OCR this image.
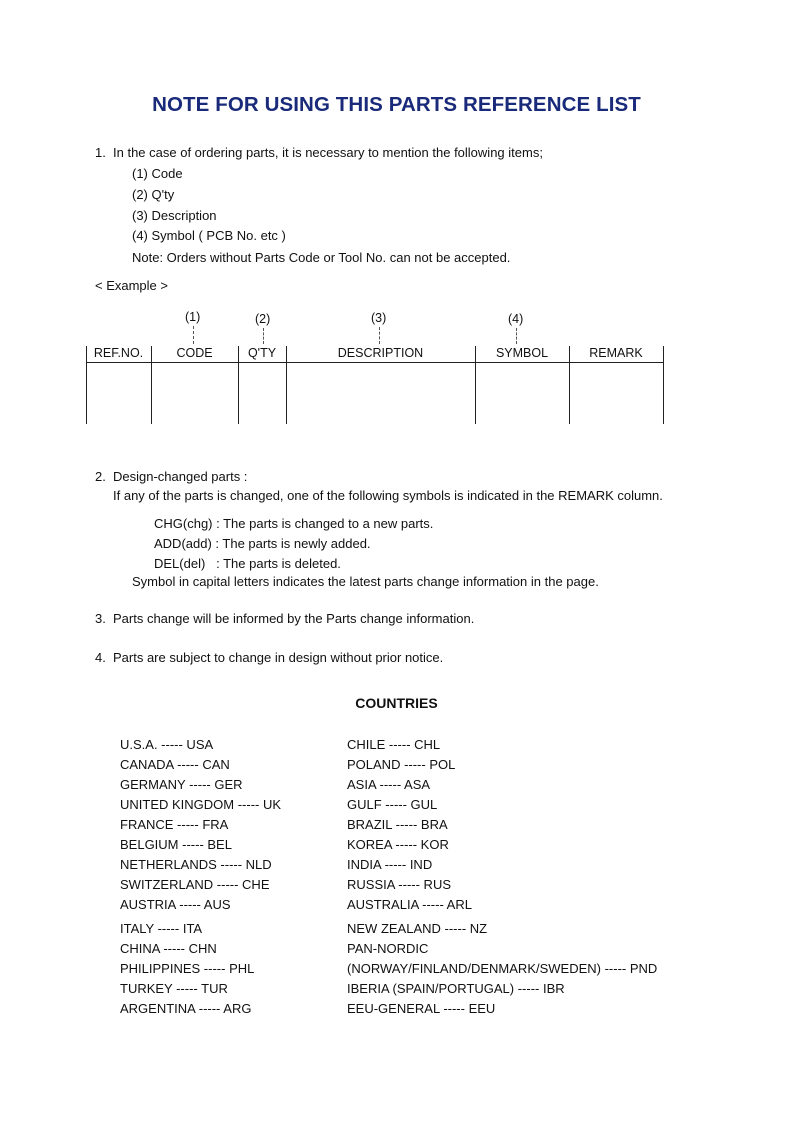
NOTE FOR USING THIS PARTS REFERENCE LIST
1. In the case of ordering parts, it is necessary to mention the following items;
(1) Code
(2) Q'ty
(3) Description
(4) Symbol ( PCB No. etc )
Note: Orders without Parts Code or Tool No. can not be accepted.
< Example >
(1)	(2)	(3)	(4)
REF.NO.	CODE	Q'TY	DESCRIPTION	SYMBOL	REMARK
2. Design-changed parts :
If any of the parts is changed, one of the following symbols is indicated in the REMARK column.
CHG(chg) : The parts is changed to a new parts.
ADD(add) : The parts is newly added.
DEL(del)   : The parts is deleted.
Symbol in capital letters indicates the latest parts change information in the page.
3. Parts change will be informed by the Parts change information.
4. Parts are subject to change in design without prior notice.
COUNTRIES
U.S.A. ----- USA
CANADA ----- CAN
GERMANY ----- GER
UNITED KINGDOM ----- UK
FRANCE ----- FRA
BELGIUM ----- BEL
NETHERLANDS ----- NLD
SWITZERLAND ----- CHE
AUSTRIA ----- AUS
ITALY ----- ITA
CHINA ----- CHN
PHILIPPINES ----- PHL
TURKEY ----- TUR
ARGENTINA ----- ARG
CHILE ----- CHL
POLAND ----- POL
ASIA ----- ASA
GULF ----- GUL
BRAZIL ----- BRA
KOREA ----- KOR
INDIA ----- IND
RUSSIA ----- RUS
AUSTRALIA ----- ARL
NEW ZEALAND ----- NZ
PAN-NORDIC
(NORWAY/FINLAND/DENMARK/SWEDEN) ----- PND
IBERIA (SPAIN/PORTUGAL) ----- IBR
EEU-GENERAL ----- EEU
